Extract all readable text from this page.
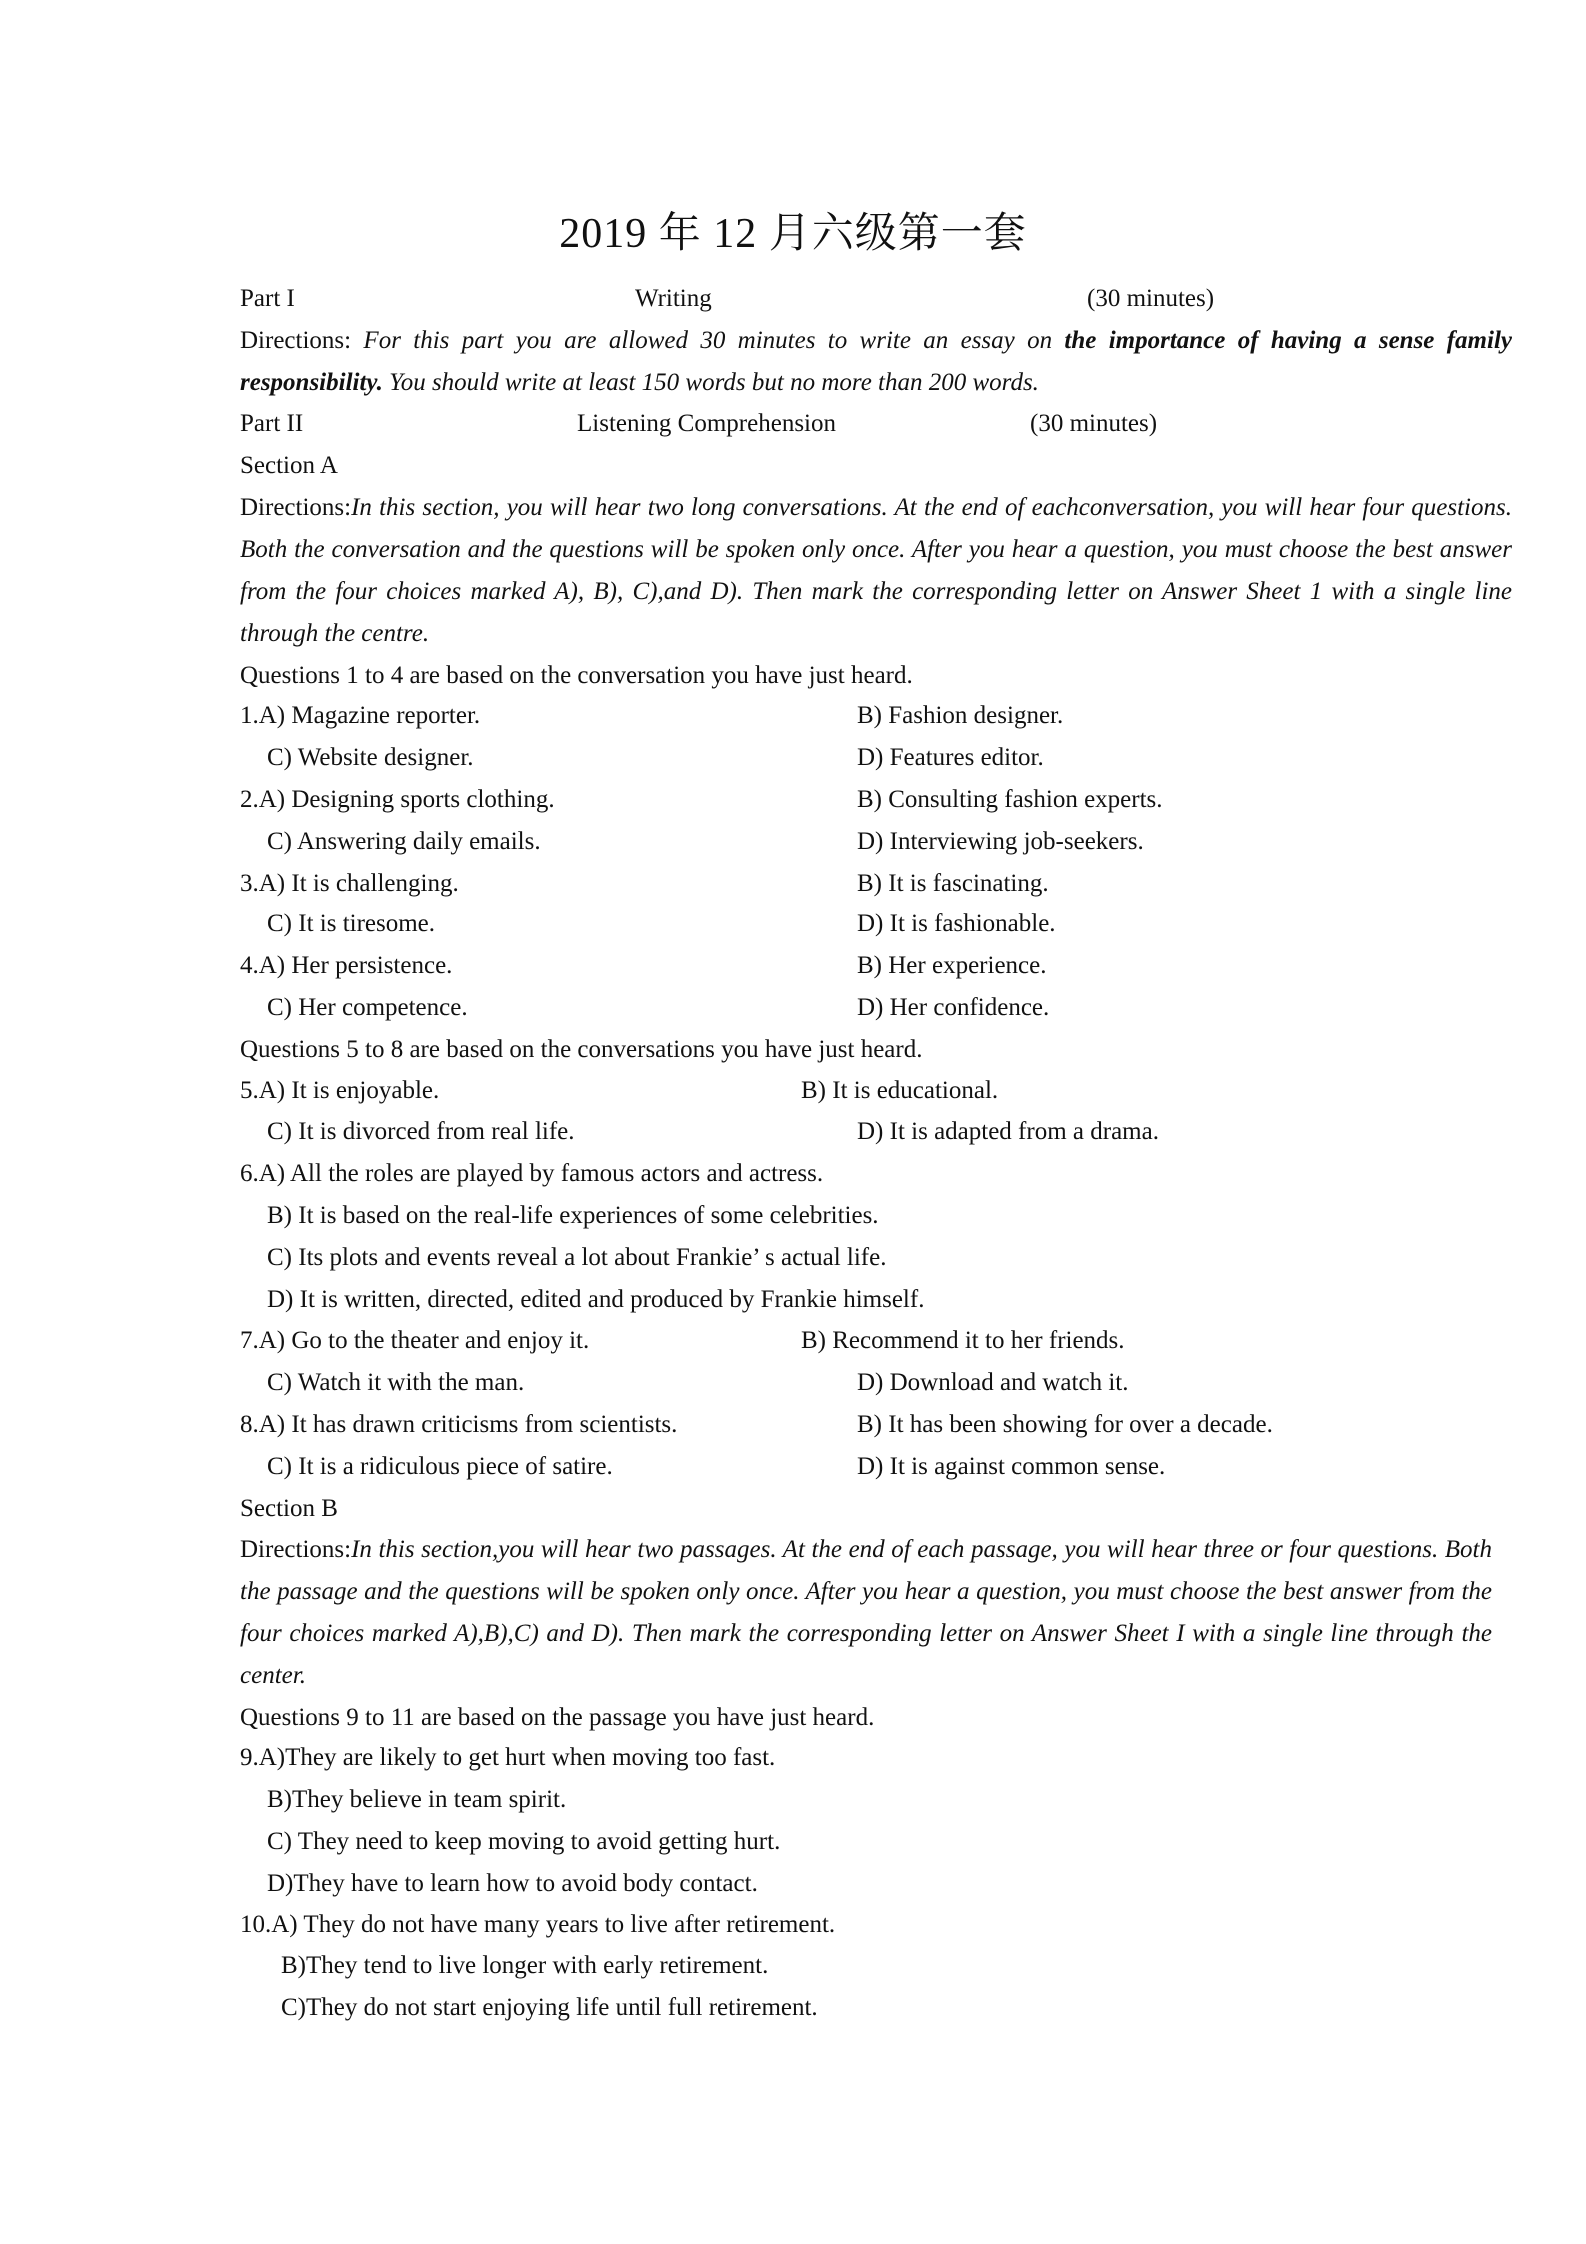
2019 年 12 月六级第一套
Part I	Writing	(30 minutes)
Directions: For this part you are allowed 30 minutes to write an essay on the importance of having a sense family responsibility. You should write at least 150 words but no more than 200 words.
Part II	Listening Comprehension	(30 minutes)
Section A
Directions:In this section, you will hear two long conversations. At the end of eachconversation, you will hear four questions. Both the conversation and the questions will be spoken only once. After you hear a question, you must choose the best answer from the four choices marked A), B), C),and D). Then mark the corresponding letter on Answer Sheet 1 with a single line through the centre.
Questions 1 to 4 are based on the conversation you have just heard.
1.A) Magazine reporter.	B) Fashion designer.
C) Website designer.	D) Features editor.
2.A) Designing sports clothing.	B) Consulting fashion experts.
C) Answering daily emails.	D) Interviewing job-seekers.
3.A) It is challenging.	B) It is fascinating.
C) It is tiresome.	D) It is fashionable.
4.A) Her persistence.	B) Her experience.
C) Her competence.	D) Her confidence.
Questions 5 to 8 are based on the conversations you have just heard.
5.A) It is enjoyable.	B) It is educational.
C) It is divorced from real life.	D) It is adapted from a drama.
6.A) All the roles are played by famous actors and actress.
B) It is based on the real-life experiences of some celebrities.
C) Its plots and events reveal a lot about Frankie’ s actual life.
D) It is written, directed, edited and produced by Frankie himself.
7.A) Go to the theater and enjoy it.	B) Recommend it to her friends.
C) Watch it with the man.	D) Download and watch it.
8.A) It has drawn criticisms from scientists.	B) It has been showing for over a decade.
C) It is a ridiculous piece of satire.	D) It is against common sense.
Section B
Directions:In this section,you will hear two passages. At the end of each passage, you will hear three or four questions. Both the passage and the questions will be spoken only once. After you hear a question, you must choose the best answer from the four choices marked A),B),C) and D). Then mark the corresponding letter on Answer Sheet I with a single line through the center.
Questions 9 to 11 are based on the passage you have just heard.
9.A)They are likely to get hurt when moving too fast.
B)They believe in team spirit.
C) They need to keep moving to avoid getting hurt.
D)They have to learn how to avoid body contact.
10.A) They do not have many years to live after retirement.
B)They tend to live longer with early retirement.
C)They do not start enjoying life until full retirement.
